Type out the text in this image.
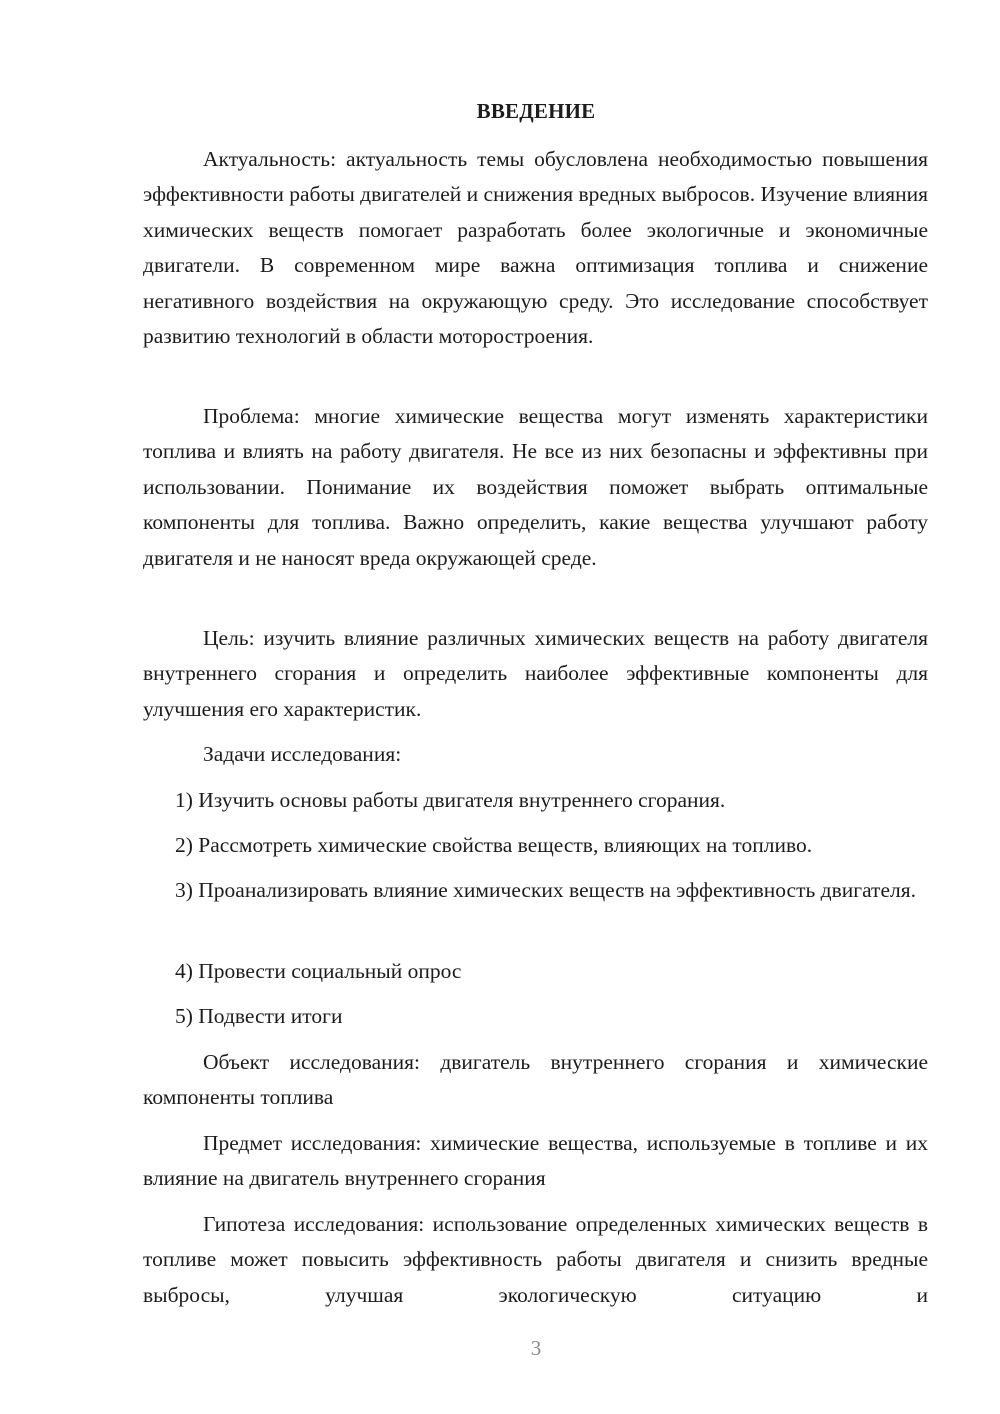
ВВЕДЕНИЕ

Актуальность: актуальность темы обусловлена необходимостью повышения эффективности работы двигателей и снижения вредных выбросов. Изучение влияния химических веществ помогает разработать более экологичные и экономичные двигатели. В современном мире важна оптимизация топлива и снижение негативного воздействия на окружающую среду. Это исследование способствует развитию технологий в области моторостроения.

Проблема: многие химические вещества могут изменять характеристики топлива и влиять на работу двигателя. Не все из них безопасны и эффективны при использовании. Понимание их воздействия поможет выбрать оптимальные компоненты для топлива. Важно определить, какие вещества улучшают работу двигателя и не наносят вреда окружающей среде.

Цель: изучить влияние различных химических веществ на работу двигателя внутреннего сгорания и определить наиболее эффективные компоненты для улучшения его характеристик.

Задачи исследования:

1) Изучить основы работы двигателя внутреннего сгорания.

2) Рассмотреть химические свойства веществ, влияющих на топливо.

3) Проанализировать влияние химических веществ на эффективность двигателя.

4) Провести социальный опрос

5) Подвести итоги

Объект исследования: двигатель внутреннего сгорания и химические компоненты топлива

Предмет исследования: химические вещества, используемые в топливе и их влияние на двигатель внутреннего сгорания

Гипотеза исследования: использование определенных химических веществ в топливе может повысить эффективность работы двигателя и снизить вредные выбросы, улучшая экологическую ситуацию и

3
